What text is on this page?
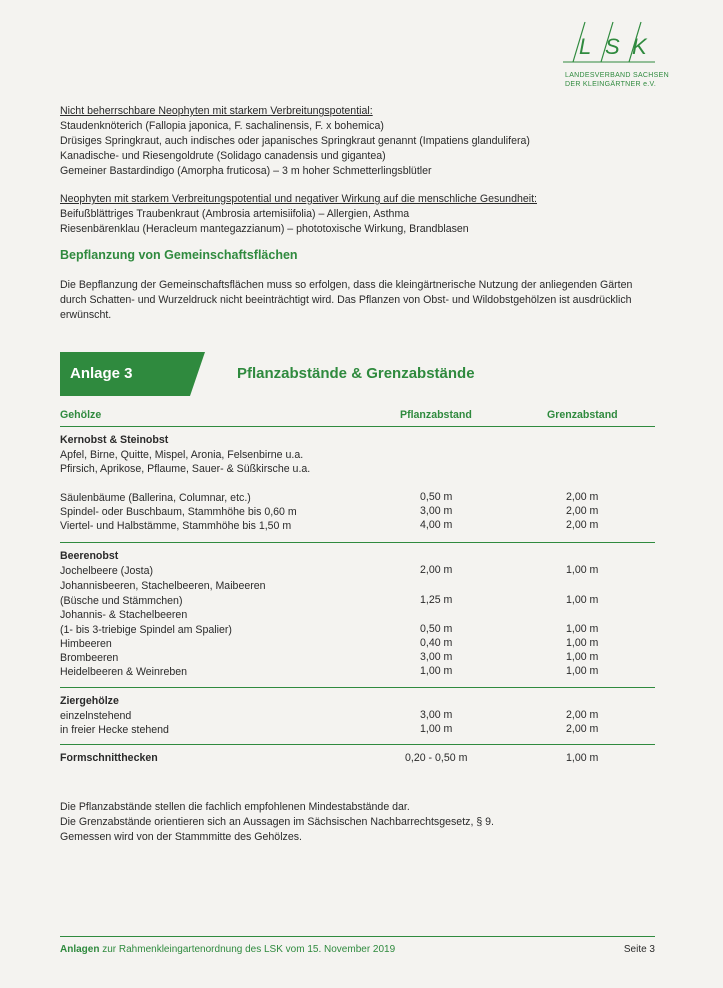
L S K
LANDESVERBAND SACHSEN
DER KLEINGÄRTNER e.V.
Nicht beherrschbare Neophyten mit starkem Verbreitungspotential:
Staudenknöterich (Fallopia japonica, F. sachalinensis, F. x bohemica)
Drüsiges Springkraut, auch indisches oder japanisches Springkraut genannt (Impatiens glandulifera)
Kanadische- und Riesengoldrute (Solidago canadensis und gigantea)
Gemeiner Bastardindigo (Amorpha fruticosa) – 3 m hoher Schmetterlingsblütler
Neophyten mit starkem Verbreitungspotential und negativer Wirkung auf die menschliche Gesundheit:
Beifußblättriges Traubenkraut (Ambrosia artemisiifolia) – Allergien, Asthma
Riesenbärenklau (Heracleum mantegazzianum) – phototoxische Wirkung, Brandblasen
Bepflanzung von Gemeinschaftsflächen
Die Bepflanzung der Gemeinschaftsflächen muss so erfolgen, dass die kleingärtnerische Nutzung der anliegenden Gärten
durch Schatten- und Wurzeldruck nicht beeinträchtigt wird. Das Pflanzen von Obst- und Wildobstgehölzen ist ausdrücklich
erwünscht.
Anlage 3	Pflanzabstände & Grenzabstände
Gehölze	Pflanzabstand	Grenzabstand
Kernobst & Steinobst
Apfel, Birne, Quitte, Mispel, Aronia, Felsenbirne u.a.
Pfirsich, Aprikose, Pflaume, Sauer- & Süßkirsche u.a.
Säulenbäume (Ballerina, Columnar, etc.)	0,50 m	2,00 m
Spindel- oder Buschbaum, Stammhöhe bis 0,60 m	3,00 m	2,00 m
Viertel- und Halbstämme, Stammhöhe bis 1,50 m	4,00 m	2,00 m
Beerenobst
Jochelbeere (Josta)	2,00 m	1,00 m
Johannisbeeren, Stachelbeeren, Maibeeren
(Büsche und Stämmchen)	1,25 m	1,00 m
Johannis- & Stachelbeeren
(1- bis 3-triebige Spindel am Spalier)	0,50 m	1,00 m
Himbeeren	0,40 m	1,00 m
Brombeeren	3,00 m	1,00 m
Heidelbeeren & Weinreben	1,00 m	1,00 m
Ziergehölze
einzelnstehend	3,00 m	2,00 m
in freier Hecke stehend	1,00 m	2,00 m
Formschnitthecken	0,20 - 0,50 m	1,00 m
Die Pflanzabstände stellen die fachlich empfohlenen Mindestabstände dar.
Die Grenzabstände orientieren sich an Aussagen im Sächsischen Nachbarrechtsgesetz, § 9.
Gemessen wird von der Stammmitte des Gehölzes.
Anlagen zur Rahmenkleingartenordnung des LSK vom 15. November 2019	Seite 3
